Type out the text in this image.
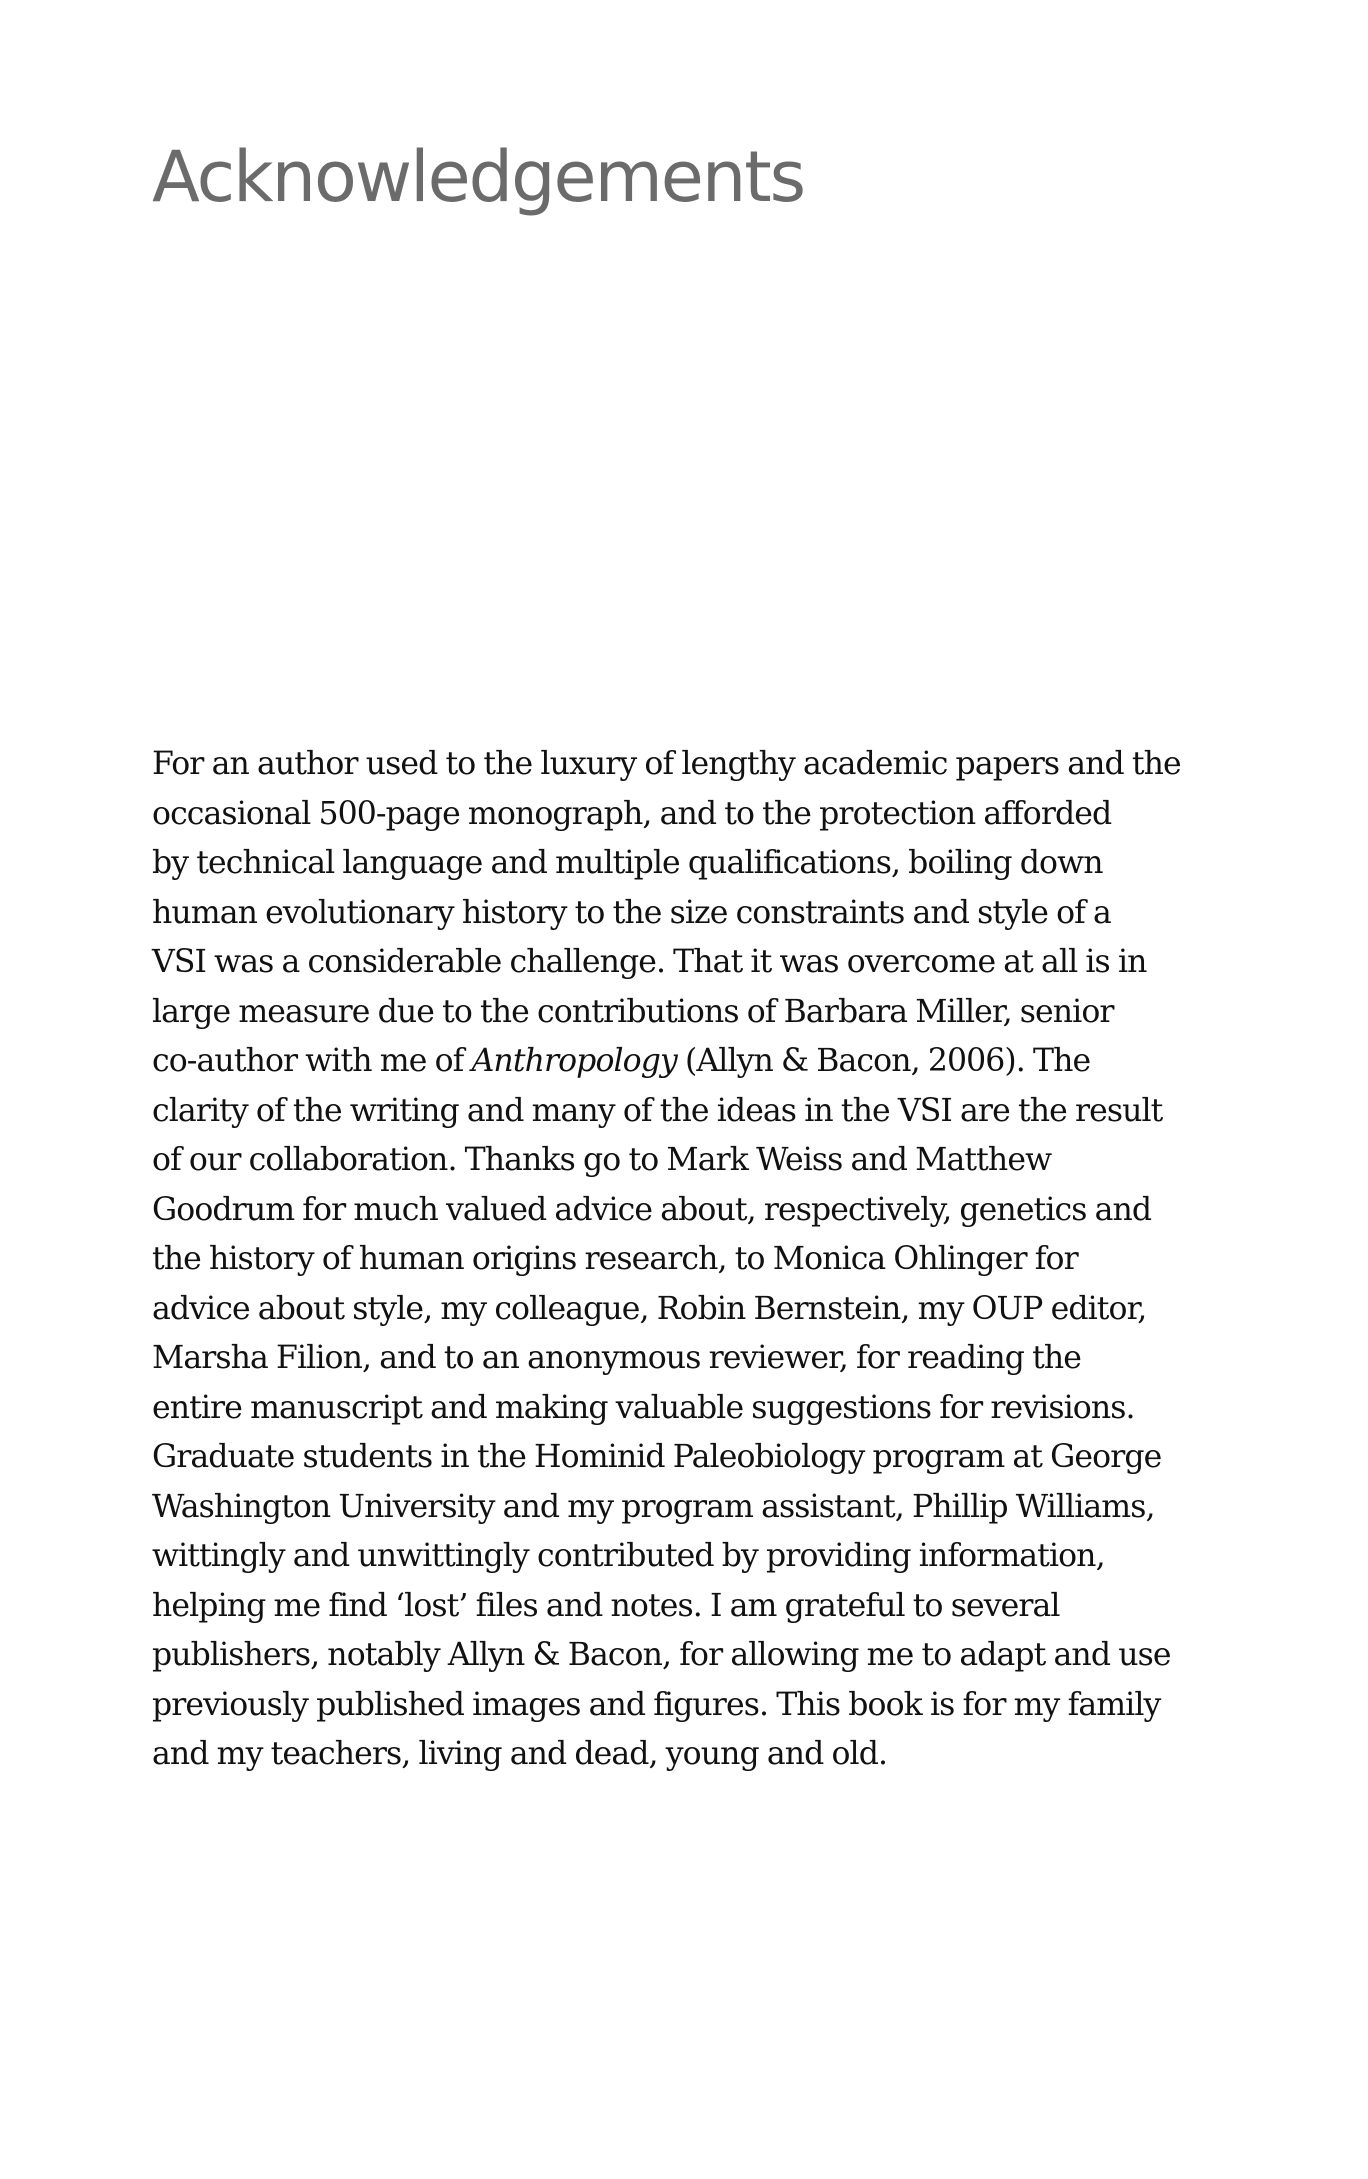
Acknowledgements

For an author used to the luxury of lengthy academic papers and the
occasional 500-page monograph, and to the protection afforded
by technical language and multiple qualifications, boiling down
human evolutionary history to the size constraints and style of a
VSI was a considerable challenge. That it was overcome at all is in
large measure due to the contributions of Barbara Miller, senior
co-author with me of Anthropology (Allyn & Bacon, 2006). The
clarity of the writing and many of the ideas in the VSI are the result
of our collaboration. Thanks go to Mark Weiss and Matthew
Goodrum for much valued advice about, respectively, genetics and
the history of human origins research, to Monica Ohlinger for
advice about style, my colleague, Robin Bernstein, my OUP editor,
Marsha Filion, and to an anonymous reviewer, for reading the
entire manuscript and making valuable suggestions for revisions.
Graduate students in the Hominid Paleobiology program at George
Washington University and my program assistant, Phillip Williams,
wittingly and unwittingly contributed by providing information,
helping me find ‘lost’ files and notes. I am grateful to several
publishers, notably Allyn & Bacon, for allowing me to adapt and use
previously published images and figures. This book is for my family
and my teachers, living and dead, young and old.
